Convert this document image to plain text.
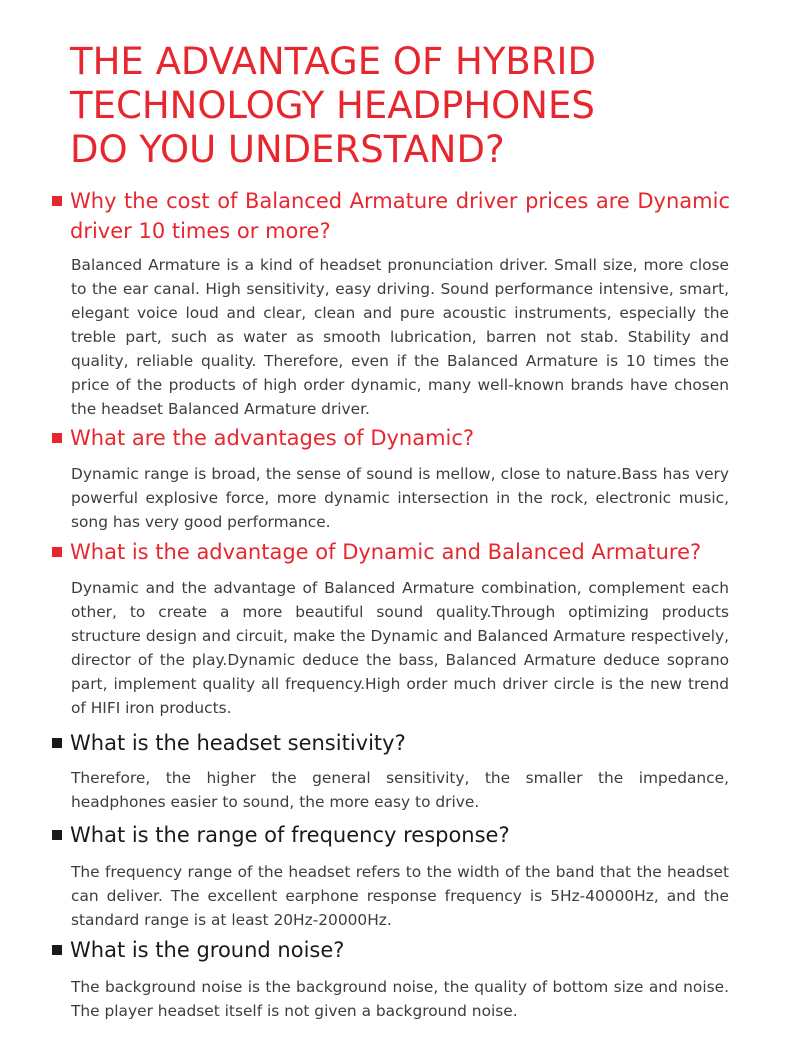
THE ADVANTAGE OF HYBRID
TECHNOLOGY HEADPHONES
DO YOU UNDERSTAND?
Why the cost of Balanced Armature driver prices are Dynamic driver 10 times or more?

Balanced Armature is a kind of headset pronunciation driver. Small size, more close to the ear canal. High sensitivity, easy driving. Sound performance intensive, smart, elegant voice loud and clear, clean and pure acoustic instruments, especially the treble part, such as water as smooth lubrication, barren not stab. Stability and quality, reliable quality. Therefore, even if the Balanced Armature is 10 times the price of the products of high order dynamic, many well-known brands have chosen the headset Balanced Armature driver.

What are the advantages of Dynamic?

Dynamic range is broad, the sense of sound is mellow, close to nature.Bass has very powerful explosive force, more dynamic intersection in the rock, electronic music, song has very good performance.

What is the advantage of Dynamic and Balanced Armature?

Dynamic and the advantage of Balanced Armature combination, complement each other, to create a more beautiful sound quality.Through optimizing products structure design and circuit, make the Dynamic and Balanced Armature respectively, director of the play.Dynamic deduce the bass, Balanced Armature deduce soprano part, implement quality all frequency.High order much driver circle is the new trend of HIFI iron products.

What is the headset sensitivity?

Therefore, the higher the general sensitivity, the smaller the impedance, headphones easier to sound, the more easy to drive.

What is the range of frequency response?

The frequency range of the headset refers to the width of the band that the headset can deliver. The excellent earphone response frequency is 5Hz-40000Hz, and the standard range is at least 20Hz-20000Hz.

What is the ground noise?

The background noise is the background noise, the quality of bottom size and noise. The player headset itself is not given a background noise.
